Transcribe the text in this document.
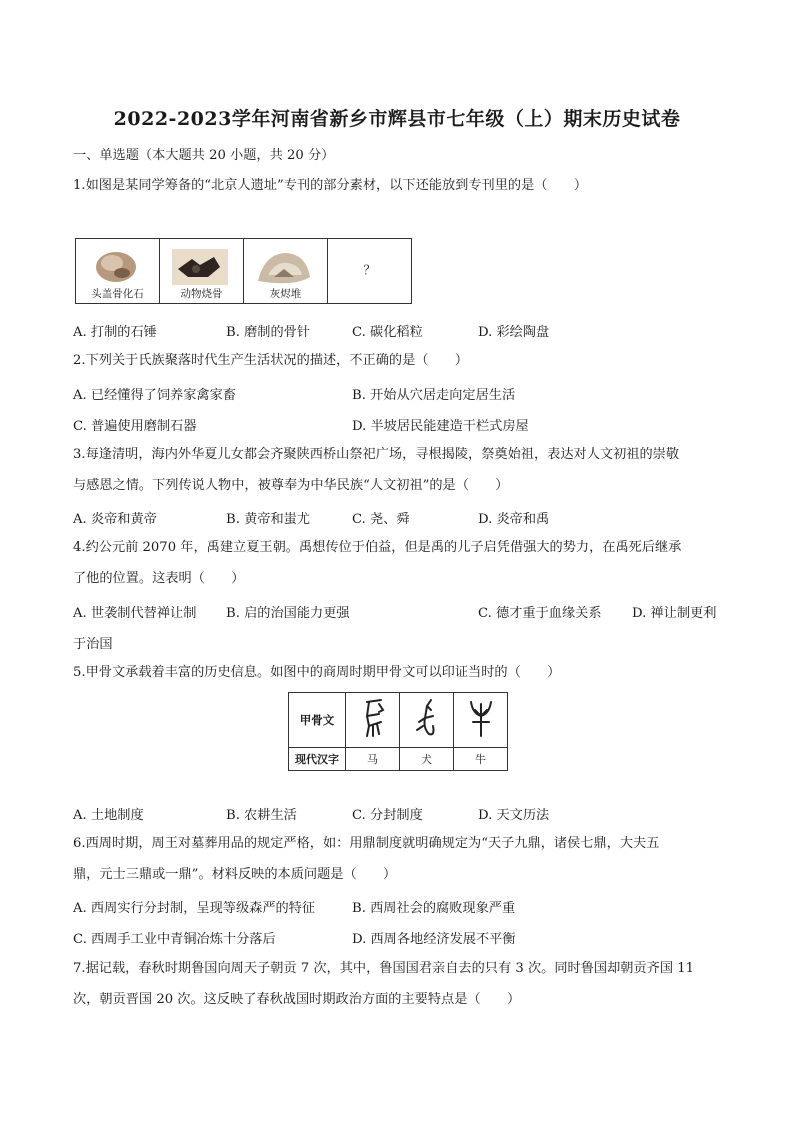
2022-2023学年河南省新乡市辉县市七年级（上）期末历史试卷
一、单选题（本大题共 20 小题，共 20 分）
1.如图是某同学筹备的“北京人遗址”专刊的部分素材，以下还能放到专刊里的是（　　）
头盖骨化石	动物烧骨	灰烬堆
？
A. 打制的石锤	B. 磨制的骨针	C. 碳化稻粒	D. 彩绘陶盘
2.下列关于氏族聚落时代生产生活状况的描述，不正确的是（　　）
A. 已经懂得了饲养家禽家畜	B. 开始从穴居走向定居生活
C. 普遍使用磨制石器	D. 半坡居民能建造干栏式房屋
3.每逢清明，海内外华夏儿女都会齐聚陕西桥山祭祀广场，寻根揭陵，祭奠始祖，表达对人文初祖的崇敬
与感恩之情。下列传说人物中，被尊奉为中华民族“人文初祖”的是（　　）
A. 炎帝和黄帝	B. 黄帝和蚩尤	C. 尧、舜	D. 炎帝和禹
4.约公元前 2070 年，禹建立夏王朝。禹想传位于伯益，但是禹的儿子启凭借强大的势力，在禹死后继承
了他的位置。这表明（　　）
A. 世袭制代替禅让制 B. 启的治国能力更强	C. 德才重于血缘关系 D. 禅让制更利
于治国
5.甲骨文承载着丰富的历史信息。如图中的商周时期甲骨文可以印证当时的（　　）
甲骨文			
现代汉字	马	犬	牛
A. 土地制度	B. 农耕生活	C. 分封制度	D. 天文历法
6.西周时期，周王对墓葬用品的规定严格，如：用鼎制度就明确规定为“天子九鼎，诸侯七鼎，大夫五
鼎，元士三鼎或一鼎”。材料反映的本质问题是（　　）
A. 西周实行分封制，呈现等级森严的特征	B. 西周社会的腐败现象严重
C. 西周手工业中青铜冶炼十分落后	D. 西周各地经济发展不平衡
7.据记载，春秋时期鲁国向周天子朝贡 7 次，其中，鲁国国君亲自去的只有 3 次。同时鲁国却朝贡齐国 11
次，朝贡晋国 20 次。这反映了春秋战国时期政治方面的主要特点是（　　）
